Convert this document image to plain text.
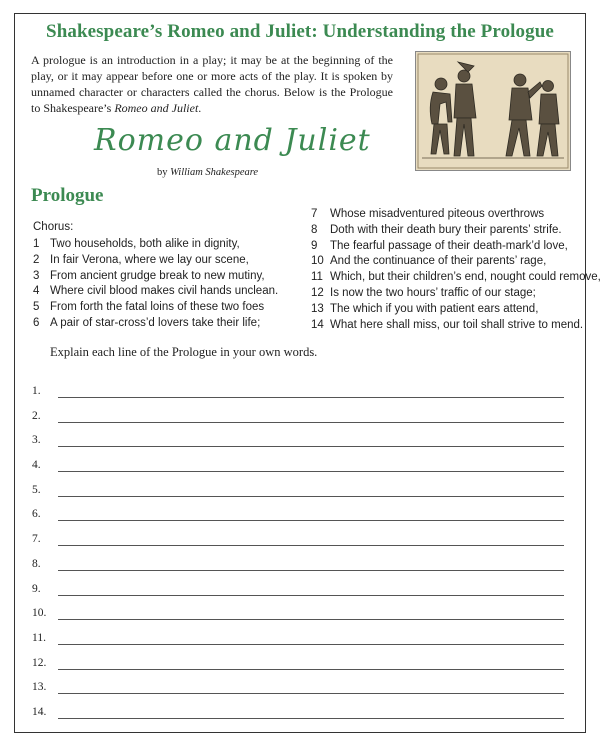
Shakespeare’s Romeo and Juliet: Understanding the Prologue
A prologue is an introduction in a play; it may be at the beginning of the play, or it may appear before one or more acts of the play. It is spoken by unnamed character or characters called the chorus. Below is the Prologue to Shakespeare’s Romeo and Juliet.
Romeo and Juliet
by William Shakespeare
Prologue
Chorus:
1 Two households, both alike in dignity,
2 In fair Verona, where we lay our scene,
3 From ancient grudge break to new mutiny,
4 Where civil blood makes civil hands unclean.
5 From forth the fatal loins of these two foes
6 A pair of star-cross’d lovers take their life;
7 Whose misadventured piteous overthrows
8 Doth with their death bury their parents’ strife.
9 The fearful passage of their death-mark’d love,
10 And the continuance of their parents’ rage,
11 Which, but their children’s end, nought could remove,
12 Is now the two hours’ traffic of our stage;
13 The which if you with patient ears attend,
14 What here shall miss, our toil shall strive to mend.
Explain each line of the Prologue in your own words.
1.
2.
3.
4.
5.
6.
7.
8.
9.
10.
11.
12.
13.
14.
